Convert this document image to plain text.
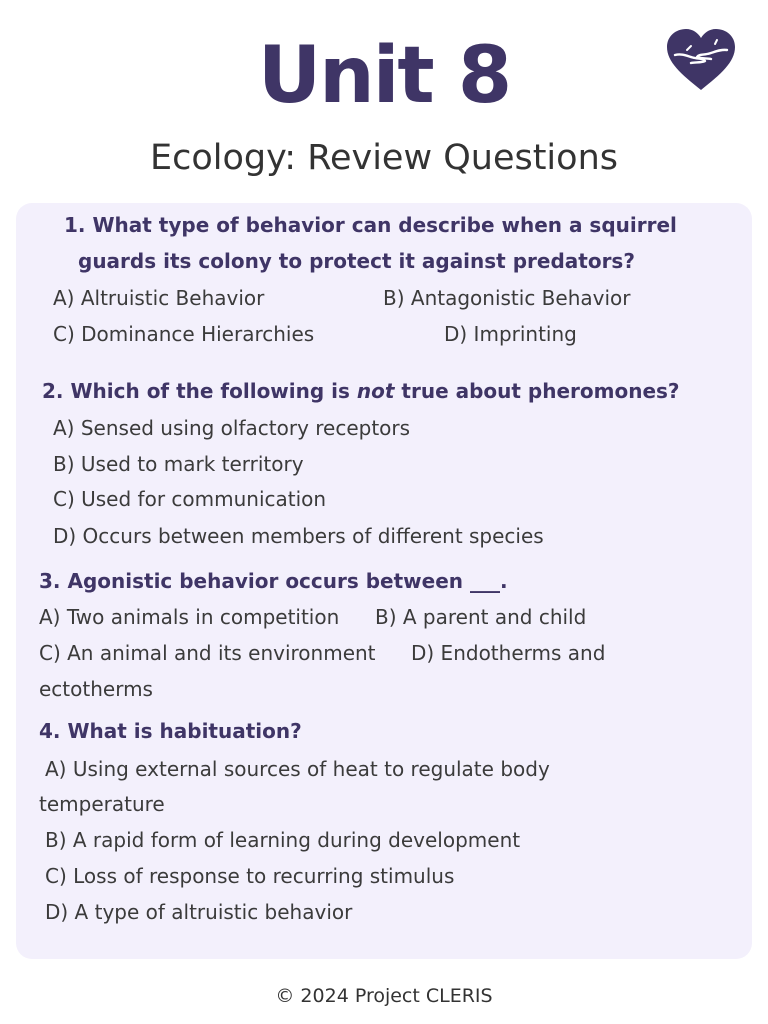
Unit 8
Ecology: Review Questions
1. What type of behavior can describe when a squirrel
guards its colony to protect it against predators?
A) Altruistic Behavior	B) Antagonistic Behavior
C) Dominance Hierarchies	D) Imprinting
2. Which of the following is not true about pheromones?
A) Sensed using olfactory receptors
B) Used to mark territory
C) Used for communication
D) Occurs between members of different species
3. Agonistic behavior occurs between ___.
A) Two animals in competition B) A parent and child
C) An animal and its environment D) Endotherms and
ectotherms
4. What is habituation?
A) Using external sources of heat to regulate body
temperature
B) A rapid form of learning during development
C) Loss of response to recurring stimulus
D) A type of altruistic behavior
© 2024 Project CLERIS
